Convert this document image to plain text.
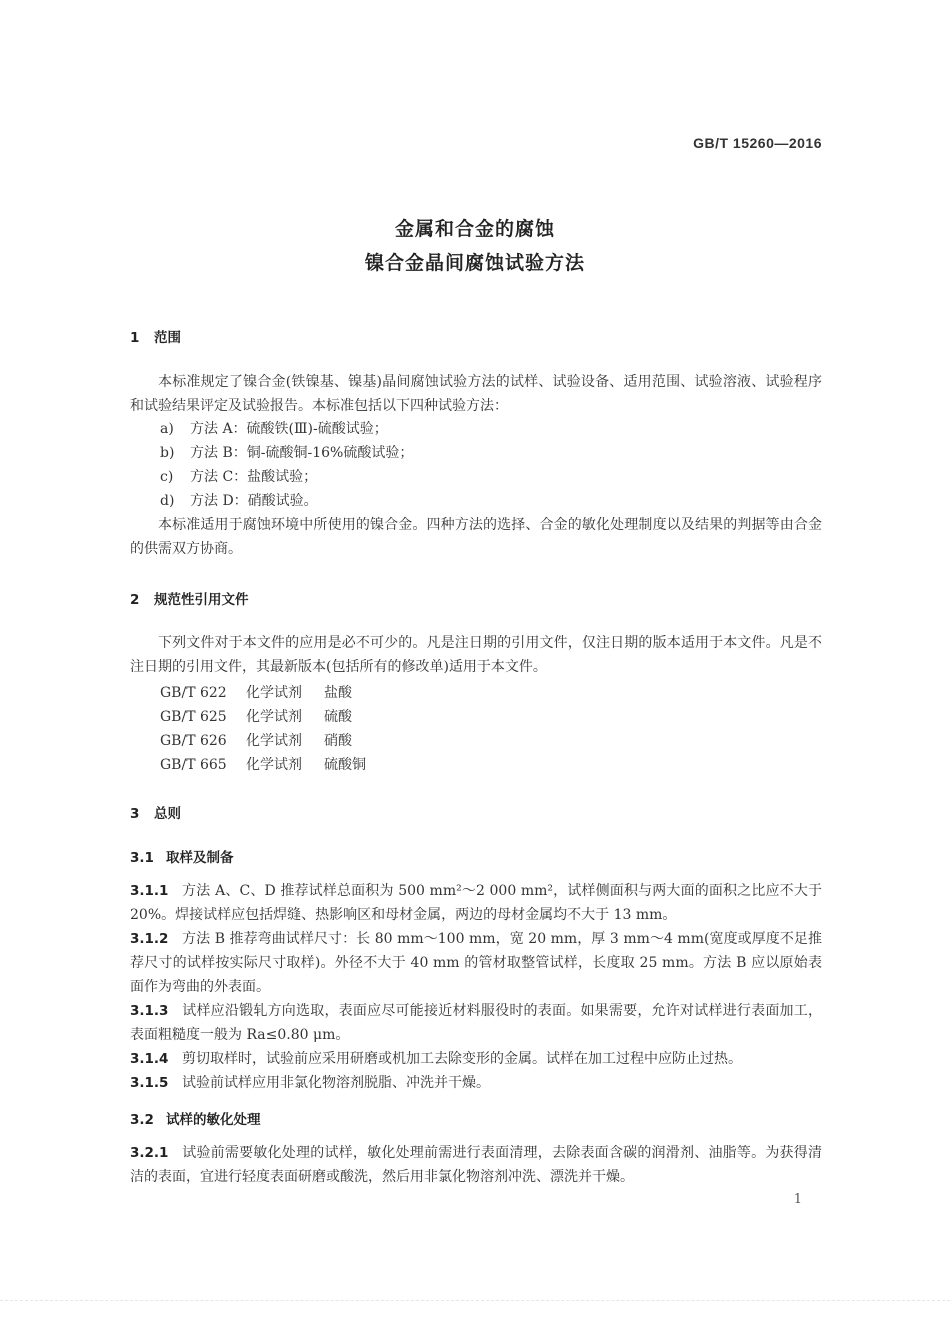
GB/T 15260—2016
金属和合金的腐蚀
镍合金晶间腐蚀试验方法
1 范围
本标准规定了镍合金(铁镍基、镍基)晶间腐蚀试验方法的试样、试验设备、适用范围、试验溶液、试验程序和试验结果评定及试验报告。本标准包括以下四种试验方法：
a) 方法 A：硫酸铁(Ⅲ)-硫酸试验；
b) 方法 B：铜-硫酸铜-16%硫酸试验；
c) 方法 C：盐酸试验；
d) 方法 D：硝酸试验。
本标准适用于腐蚀环境中所使用的镍合金。四种方法的选择、合金的敏化处理制度以及结果的判据等由合金的供需双方协商。
2 规范性引用文件
下列文件对于本文件的应用是必不可少的。凡是注日期的引用文件，仅注日期的版本适用于本文件。凡是不注日期的引用文件，其最新版本(包括所有的修改单)适用于本文件。
GB/T 622 化学试剂 盐酸
GB/T 625 化学试剂 硫酸
GB/T 626 化学试剂 硝酸
GB/T 665 化学试剂 硫酸铜
3 总则
3.1 取样及制备
3.1.1 方法 A、C、D 推荐试样总面积为 500 mm²～2 000 mm²，试样侧面积与两大面的面积之比应不大于 20%。焊接试样应包括焊缝、热影响区和母材金属，两边的母材金属均不大于 13 mm。
3.1.2 方法 B 推荐弯曲试样尺寸：长 80 mm～100 mm，宽 20 mm，厚 3 mm～4 mm(宽度或厚度不足推荐尺寸的试样按实际尺寸取样)。外径不大于 40 mm 的管材取整管试样，长度取 25 mm。方法 B 应以原始表面作为弯曲的外表面。
3.1.3 试样应沿锻轧方向选取，表面应尽可能接近材料服役时的表面。如果需要，允许对试样进行表面加工，表面粗糙度一般为 Ra≤0.80 μm。
3.1.4 剪切取样时，试验前应采用研磨或机加工去除变形的金属。试样在加工过程中应防止过热。
3.1.5 试验前试样应用非氯化物溶剂脱脂、冲洗并干燥。
3.2 试样的敏化处理
3.2.1 试验前需要敏化处理的试样，敏化处理前需进行表面清理，去除表面含碳的润滑剂、油脂等。为获得清洁的表面，宜进行轻度表面研磨或酸洗，然后用非氯化物溶剂冲洗、漂洗并干燥。
1
